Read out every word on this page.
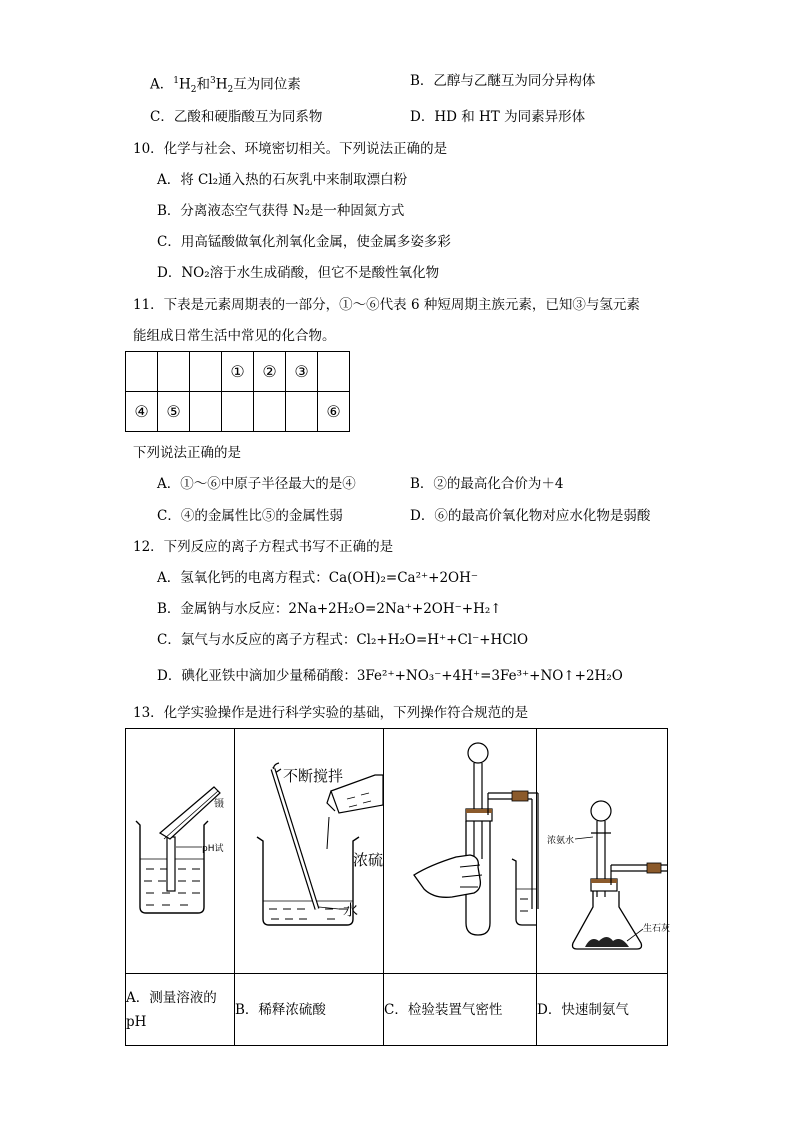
A．$^1H_2$和$^3H_2$互为同位素	B．乙醇与乙醚互为同分异构体
C．乙酸和硬脂酸互为同系物	D．HD 和 HT 为同素异形体
10．化学与社会、环境密切相关。下列说法正确的是
A．将 Cl₂通入热的石灰乳中来制取漂白粉
B．分离液态空气获得 N₂是一种固氮方式
C．用高锰酸做氧化剂氧化金属，使金属多姿多彩
D．NO₂溶于水生成硝酸，但它不是酸性氧化物
11．下表是元素周期表的一部分，①～⑥代表 6 种短周期主族元素，已知③与氢元素
能组成日常生活中常见的化合物。
			①	②	③	
④	⑤					⑥
下列说法正确的是
A．①～⑥中原子半径最大的是④	B．②的最高化合价为＋4
C．④的金属性比⑤的金属性弱	D．⑥的最高价氧化物对应水化物是弱酸
12．下列反应的离子方程式书写不正确的是
A．氢氧化钙的电离方程式：Ca(OH)₂=Ca²⁺+2OH⁻
B．金属钠与水反应：2Na+2H₂O=2Na⁺+2OH⁻+H₂↑
C．氯气与水反应的离子方程式：Cl₂+H₂O=H⁺+Cl⁻+HClO
D．碘化亚铁中滴加少量稀硝酸：3Fe²⁺+NO₃⁻+4H⁺=3Fe³⁺+NO↑+2H₂O
13．化学实验操作是进行科学实验的基础，下列操作符合规范的是
镊
pH试	不断搅拌
浓硫
水		浓氨水
生石灰

A．测量溶液的pH	B．稀释浓硫酸	C．检验装置气密性	D．快速制氨气
